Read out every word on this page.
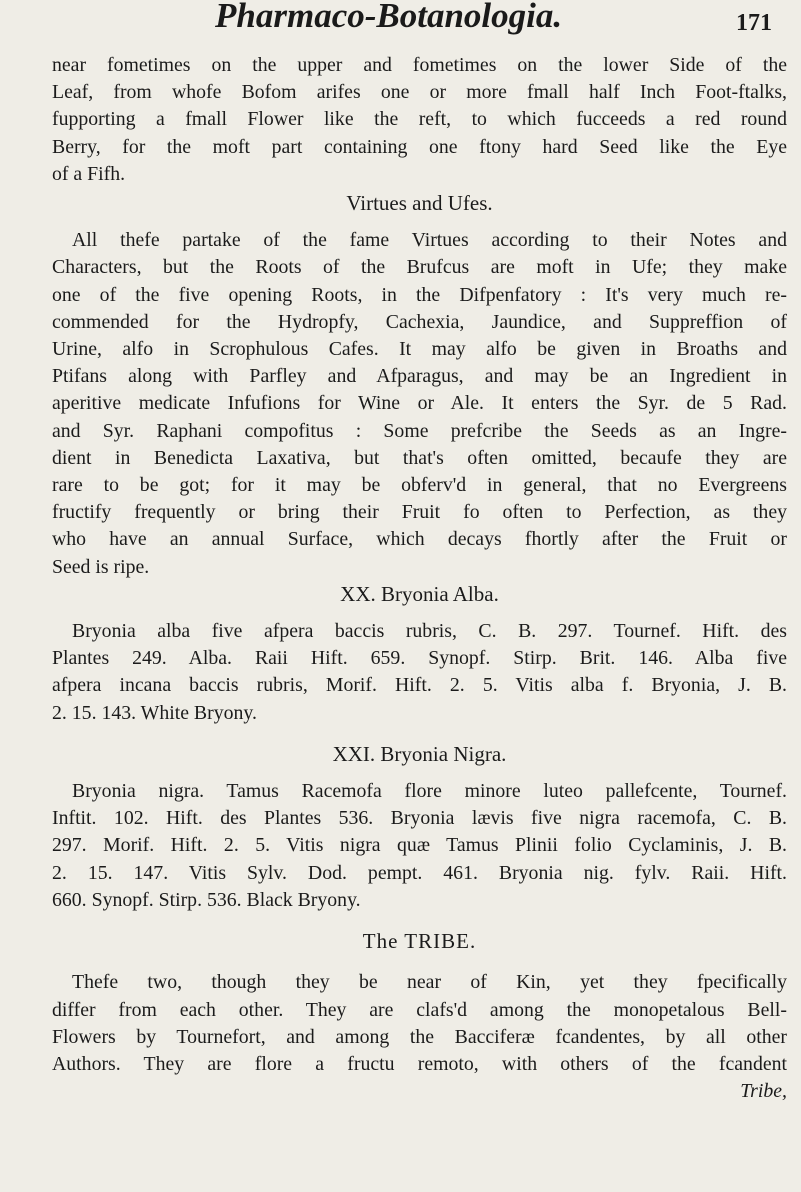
Pharmaco-Botanologia.	171
near fometimes on the upper and fometimes on the lower Side of the
Leaf, from whofe Bofom arifes one or more fmall half Inch Foot-ftalks,
fupporting a fmall Flower like the reft, to which fucceeds a red round
Berry, for the moft part containing one ftony hard Seed like the Eye
of a Fifh.
Virtues and Ufes.
All thefe partake of the fame Virtues according to their Notes and
Characters, but the Roots of the Brufcus are moft in Ufe; they make
one of the five opening Roots, in the Difpenfatory : It's very much re-
commended for the Hydropfy, Cachexia, Jaundice, and Suppreffion of
Urine, alfo in Scrophulous Cafes. It may alfo be given in Broaths and
Ptifans along with Parfley and Afparagus, and may be an Ingredient in
aperitive medicate Infufions for Wine or Ale. It enters the Syr. de 5 Rad.
and Syr. Raphani compofitus : Some prefcribe the Seeds as an Ingre-
dient in Benedicta Laxativa, but that's often omitted, becaufe they are
rare to be got; for it may be obferv'd in general, that no Evergreens
fructify frequently or bring their Fruit fo often to Perfection, as they
who have an annual Surface, which decays fhortly after the Fruit or
Seed is ripe.
XX. Bryonia Alba.
Bryonia alba five afpera baccis rubris, C. B. 297. Tournef. Hift. des
Plantes 249. Alba. Raii Hift. 659. Synopf. Stirp. Brit. 146. Alba five
afpera incana baccis rubris, Morif. Hift. 2. 5. Vitis alba f. Bryonia, J. B.
2. 15. 143. White Bryony.
XXI. Bryonia Nigra.
Bryonia nigra. Tamus Racemofa flore minore luteo pallefcente, Tournef.
Inftit. 102. Hift. des Plantes 536. Bryonia lævis five nigra racemofa, C. B.
297. Morif. Hift. 2. 5. Vitis nigra quæ Tamus Plinii folio Cyclaminis, J. B.
2. 15. 147. Vitis Sylv. Dod. pempt. 461. Bryonia nig. fylv. Raii. Hift.
660. Synopf. Stirp. 536. Black Bryony.
The TRIBE.
Thefe two, though they be near of Kin, yet they fpecifically
differ from each other. They are clafs'd among the monopetalous Bell-
Flowers by Tournefort, and among the Bacciferæ fcandentes, by all other
Authors. They are flore a fructu remoto, with others of the fcandent
Tribe,
